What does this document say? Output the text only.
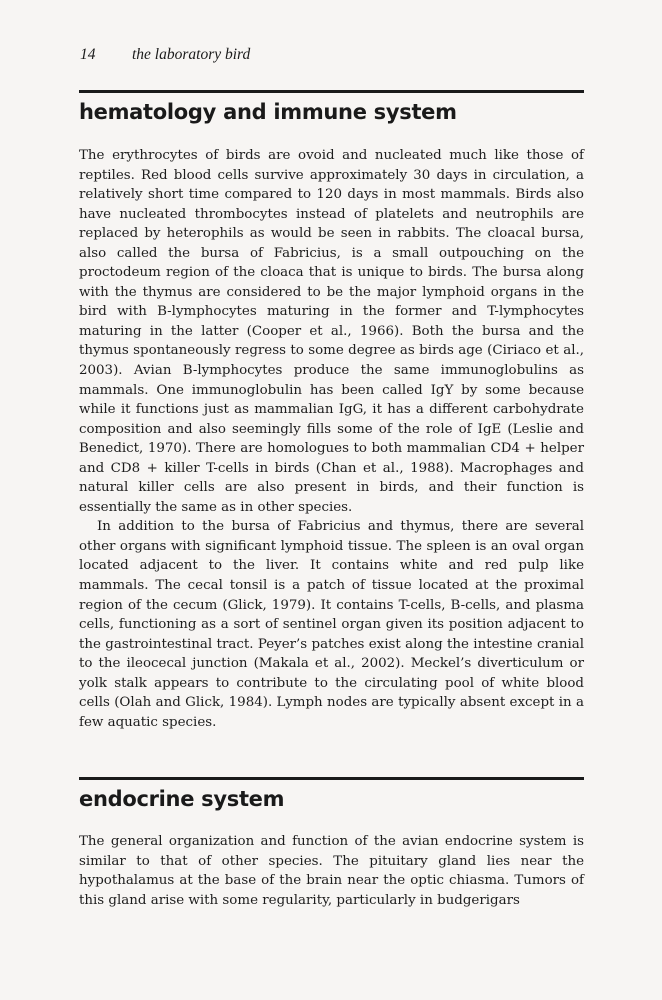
14 the laboratory bird
hematology and immune system

The erythrocytes of birds are ovoid and nucleated much like those of reptiles. Red blood cells survive approximately 30 days in circulation, a relatively short time compared to 120 days in most mammals. Birds also have nucleated thrombocytes instead of platelets and neutrophils are replaced by heterophils as would be seen in rabbits. The cloacal bursa, also called the bursa of Fabricius, is a small outpouching on the proctodeum region of the cloaca that is unique to birds. The bursa along with the thymus are considered to be the major lymphoid organs in the bird with B-lymphocytes maturing in the former and T-lymphocytes maturing in the latter (Cooper et al., 1966). Both the bursa and the thymus spontaneously regress to some degree as birds age (Ciriaco et al., 2003). Avian B-lymphocytes produce the same immunoglobulins as mammals. One immunoglobulin has been called IgY by some because while it functions just as mammalian IgG, it has a different carbohydrate composition and also seemingly fills some of the role of IgE (Leslie and Benedict, 1970). There are homologues to both mammalian CD4 + helper and CD8 + killer T-cells in birds (Chan et al., 1988). Macrophages and natural killer cells are also present in birds, and their function is essentially the same as in other species.

In addition to the bursa of Fabricius and thymus, there are several other organs with significant lymphoid tissue. The spleen is an oval organ located adjacent to the liver. It contains white and red pulp like mammals. The cecal tonsil is a patch of tissue located at the proximal region of the cecum (Glick, 1979). It contains T-cells, B-cells, and plasma cells, functioning as a sort of sentinel organ given its position adjacent to the gastrointestinal tract. Peyer’s patches exist along the intestine cranial to the ileocecal junction (Makala et al., 2002). Meckel’s diverticulum or yolk stalk appears to contribute to the circulating pool of white blood cells (Olah and Glick, 1984). Lymph nodes are typically absent except in a few aquatic species.

endocrine system

The general organization and function of the avian endocrine system is similar to that of other species. The pituitary gland lies near the hypothalamus at the base of the brain near the optic chiasma. Tumors of this gland arise with some regularity, particularly in budgerigars
